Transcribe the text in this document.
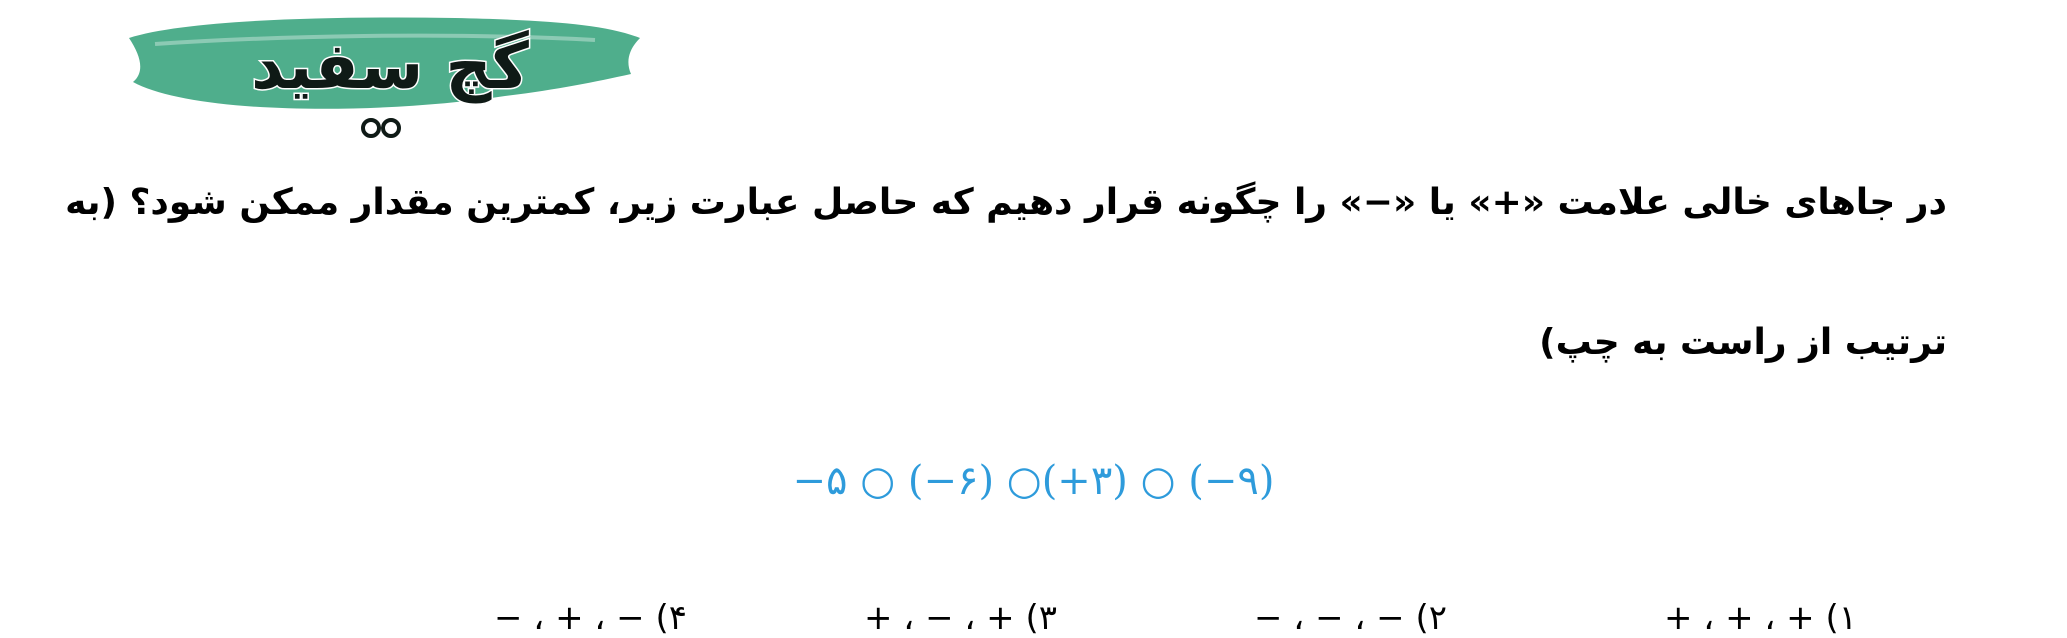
گچ سفید
در جاهای خالی علامت «+» یا «−» را چگونه قرار دهیم که حاصل عبارت زیر، کمترین مقدار ممکن شود؟ (به
ترتیب از راست به چپ)
−۵ ○ (−۶) ○(+۳) ○ (−۹)
۱) + ، + ، +
۲) − ، − ، −
۳) + ، − ، +
۴) − ، + ، −
